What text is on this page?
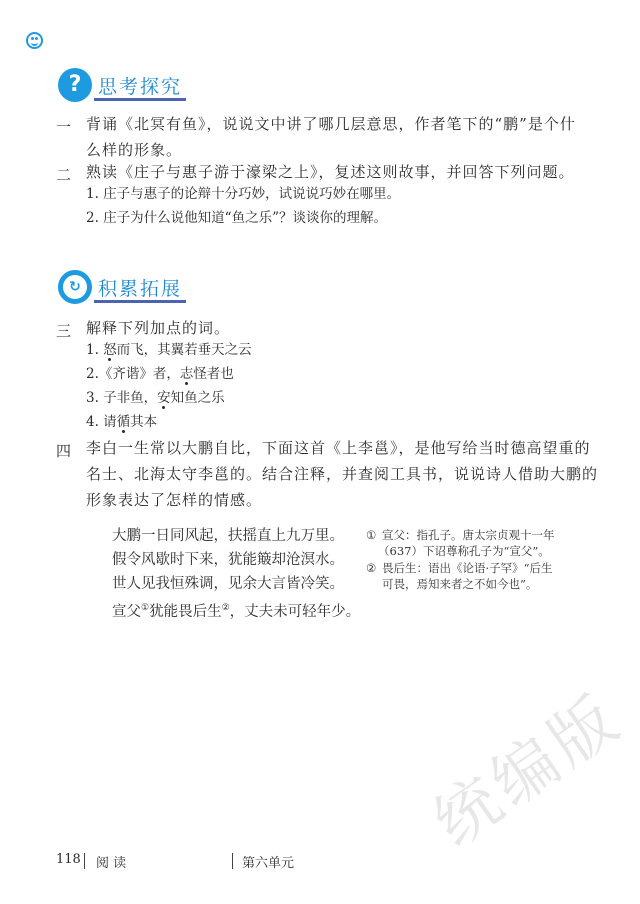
? 思考探究
一 背诵《北冥有鱼》，说说文中讲了哪几层意思，作者笔下的“鹏”是个什
么样的形象。
二 熟读《庄子与惠子游于濠梁之上》，复述这则故事，并回答下列问题。
1. 庄子与惠子的论辩十分巧妙，试说说巧妙在哪里。
2. 庄子为什么说他知道“鱼之乐”？谈谈你的理解。
↻ 积累拓展
三 解释下列加点的词。
1. 怒而飞，其翼若垂天之云
2.《齐谐》者，志怪者也
3. 子非鱼，安知鱼之乐
4. 请循其本
四 李白一生常以大鹏自比，下面这首《上李邕》，是他写给当时德高望重的
名士、北海太守李邕的。结合注释，并查阅工具书，说说诗人借助大鹏的
形象表达了怎样的情感。
大鹏一日同风起，扶摇直上九万里。
假令风歇时下来，犹能簸却沧溟水。
世人见我恒殊调，见余大言皆冷笑。
宣父①犹能畏后生②，丈夫未可轻年少。
① 宣父：指孔子。唐太宗贞观十一年
（637）下诏尊称孔子为“宣父”。
② 畏后生：语出《论语·子罕》“后生
可畏，焉知来者之不如今也”。
统编版
118 阅 读	第六单元
